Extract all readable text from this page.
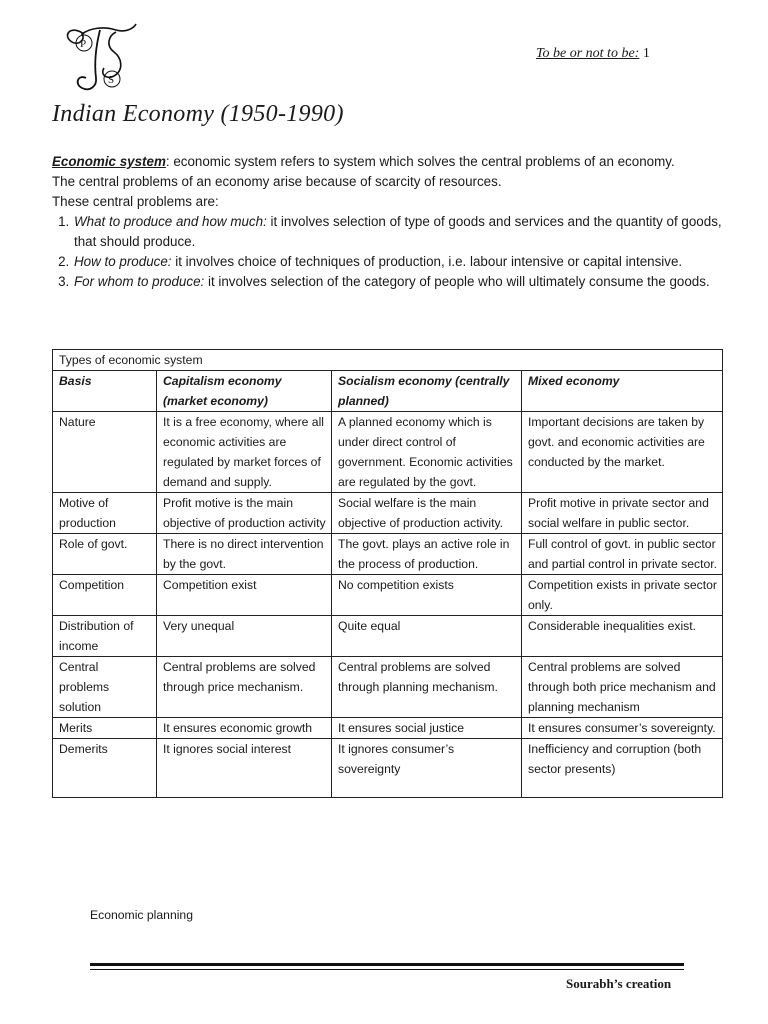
P
S
To be or not to be: 1
Indian Economy (1950-1990)

Economic system: economic system refers to system which solves the central problems of an economy.

The central problems of an economy arise because of scarcity of resources.

These central problems are:

1. What to produce and how much: it involves selection of type of goods and services and the quantity of goods, that should produce.
2. How to produce: it involves choice of techniques of production, i.e. labour intensive or capital intensive.
3. For whom to produce: it involves selection of the category of people who will ultimately consume the goods.
Types of economic system			
Basis	Capitalism economy (market economy)	Socialism economy (centrally planned)	Mixed economy
Nature	It is a free economy, where all economic activities are regulated by market forces of demand and supply.	A planned economy which is under direct control of government. Economic activities are regulated by the govt.	Important decisions are taken by govt. and economic activities are conducted by the market.
Motive of production	Profit motive is the main objective of production activity	Social welfare is the main objective of production activity.	Profit motive in private sector and social welfare in public sector.
Role of govt.	There is no direct intervention by the govt.	The govt. plays an active role in the process of production.	Full control of govt. in public sector and partial control in private sector.
Competition	Competition exist	No competition exists	Competition exists in private sector only.
Distribution of income	Very unequal	Quite equal	Considerable inequalities exist.
Central problems solution	Central problems are solved through price mechanism.	Central problems are solved through planning mechanism.	Central problems are solved through both price mechanism and planning mechanism
Merits	It ensures economic growth	It ensures social justice	It ensures consumer’s sovereignty.
Demerits	It ignores social interest	It ignores consumer’s sovereignty	Inefficiency and corruption (both sector presents)
Economic planning
Sourabh’s creation
